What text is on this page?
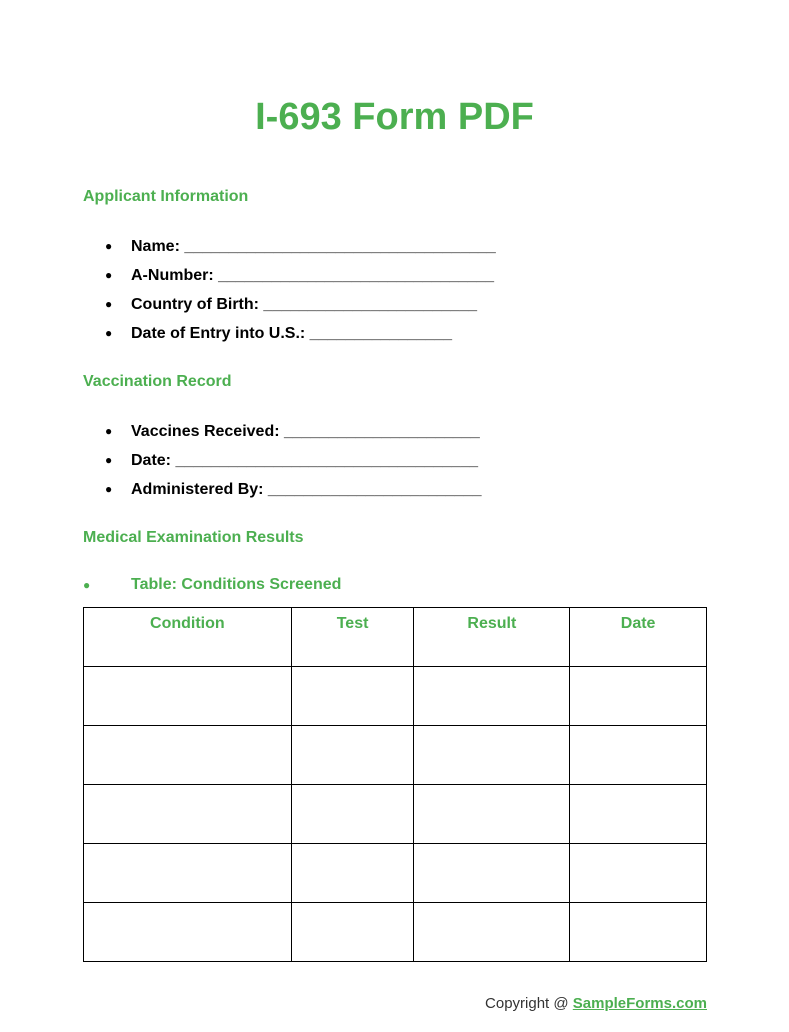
I-693 Form PDF
Applicant Information
●	Name: ___________________________________
●	A-Number: _______________________________
●	Country of Birth: ________________________
●	Date of Entry into U.S.: ________________
Vaccination Record
●	Vaccines Received: ______________________
●	Date: __________________________________
●	Administered By: ________________________
Medical Examination Results
●	Table: Conditions Screened
Condition	Test	Result	Date

Copyright @ SampleForms.com
